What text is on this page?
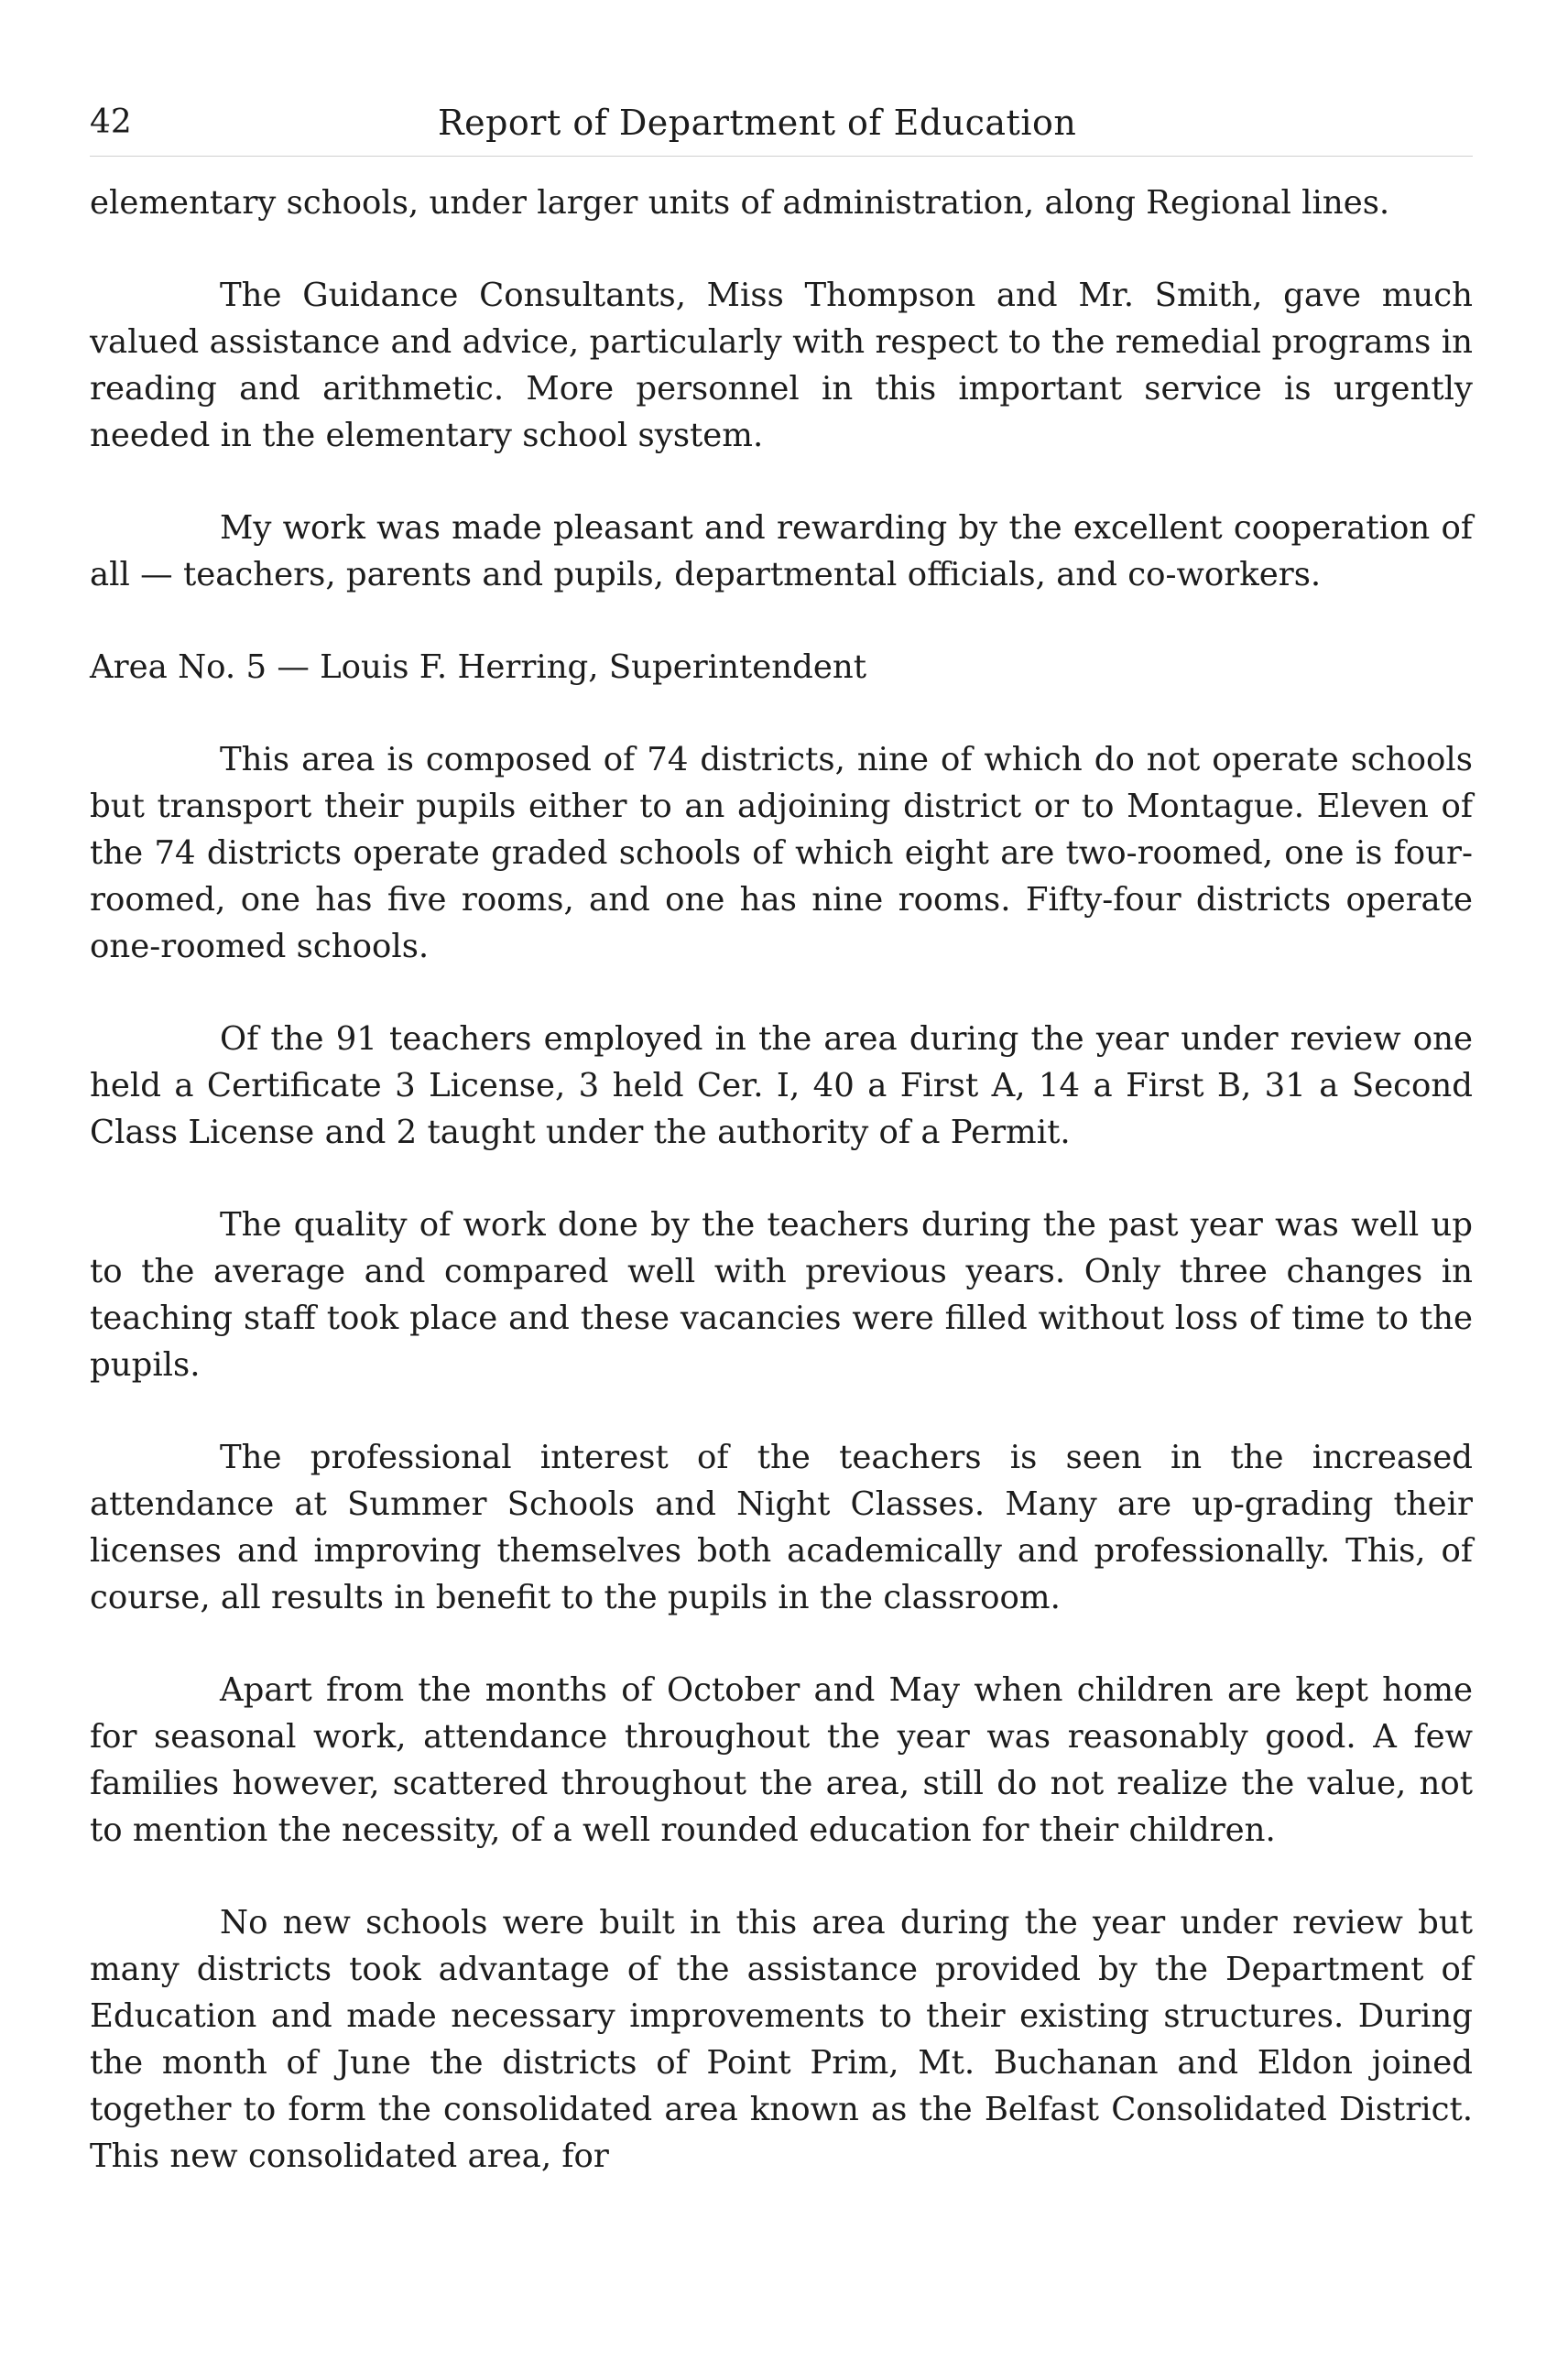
42	Report of Department of Education

elementary schools, under larger units of administration, along Regional lines.

The Guidance Consultants, Miss Thompson and Mr. Smith, gave much valued assistance and advice, particularly with respect to the remedial programs in reading and arithmetic. More personnel in this important service is urgently needed in the elementary school system.

My work was made pleasant and rewarding by the excellent cooperation of all — teachers, parents and pupils, departmental officials, and co-workers.

Area No. 5 — Louis F. Herring, Superintendent

This area is composed of 74 districts, nine of which do not operate schools but transport their pupils either to an adjoining district or to Montague. Eleven of the 74 districts operate graded schools of which eight are two-roomed, one is four-roomed, one has five rooms, and one has nine rooms. Fifty-four districts operate one-roomed schools.

Of the 91 teachers employed in the area during the year under review one held a Certificate 3 License, 3 held Cer. I, 40 a First A, 14 a First B, 31 a Second Class License and 2 taught under the authority of a Permit.

The quality of work done by the teachers during the past year was well up to the average and compared well with previous years. Only three changes in teaching staff took place and these vacancies were filled without loss of time to the pupils.

The professional interest of the teachers is seen in the increased attendance at Summer Schools and Night Classes. Many are up-grading their licenses and improving themselves both academically and professionally. This, of course, all results in benefit to the pupils in the classroom.

Apart from the months of October and May when children are kept home for seasonal work, attendance throughout the year was reasonably good. A few families however, scattered throughout the area, still do not realize the value, not to mention the necessity, of a well rounded education for their children.

No new schools were built in this area during the year under review but many districts took advantage of the assistance provided by the Department of Education and made necessary improvements to their existing structures. During the month of June the districts of Point Prim, Mt. Buchanan and Eldon joined together to form the consolidated area known as the Belfast Consolidated District. This new consolidated area, for
